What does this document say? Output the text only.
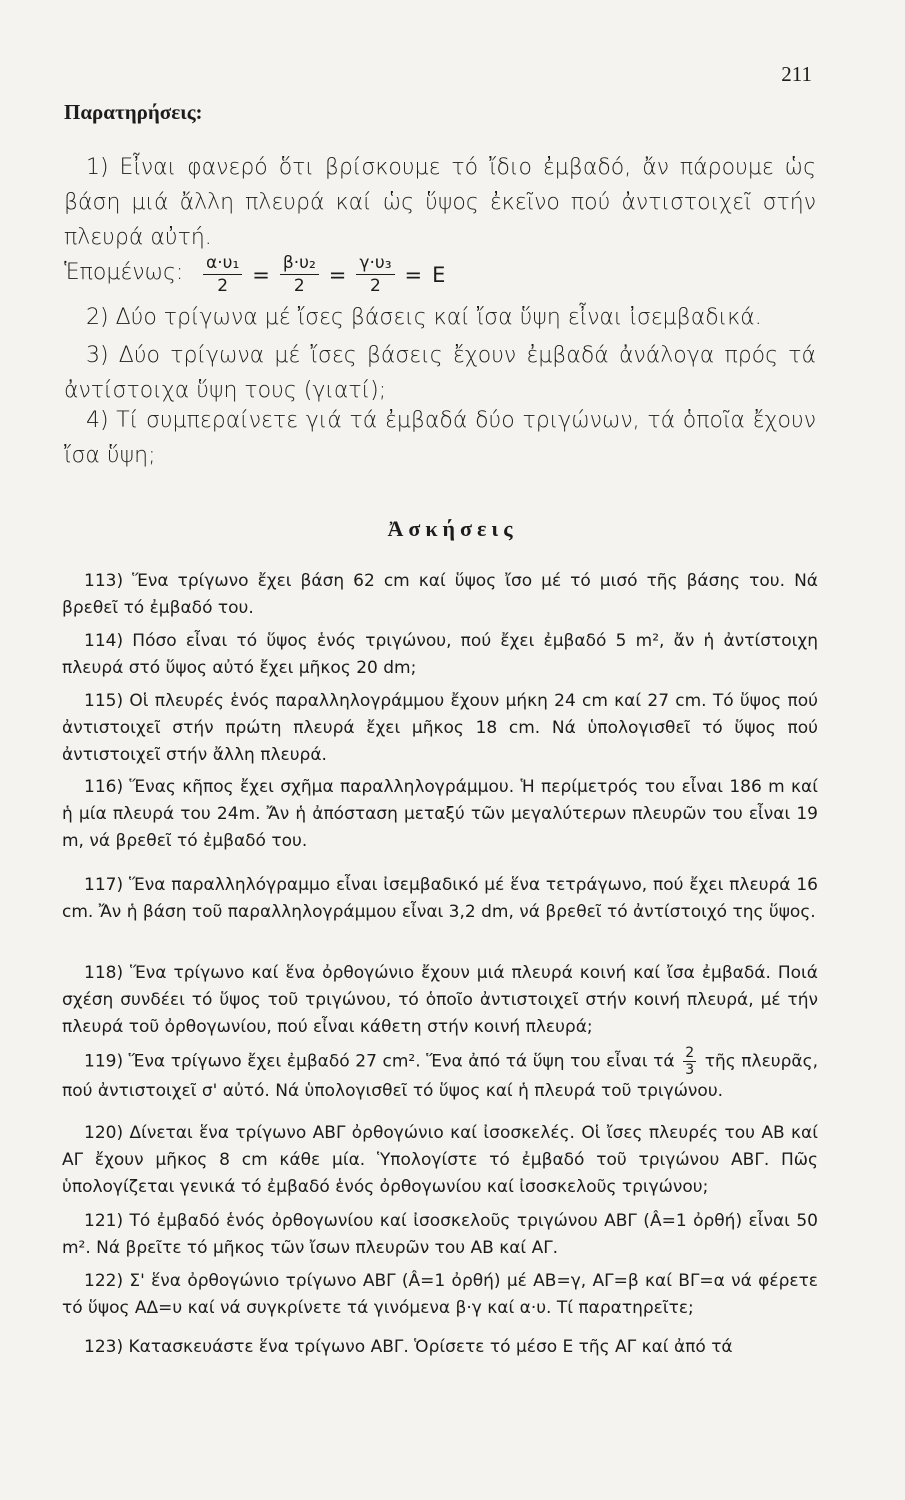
211
Παρατηρήσεις:
1) Εἶναι φανερό ὅτι βρίσκουμε τό ἴδιο ἐμβαδό, ἄν πάρουμε ὡς βάση μιά ἄλλη πλευρά καί ὡς ὕψος ἐκεῖνο πού ἀντιστοιχεῖ στήν πλευρά αὐτή.
Ἑπομένως:	$\frac{\text{α·υ₁}}{2} = \frac{\text{β·υ₂}}{2} = \frac{\text{γ·υ₃}}{2} = E$
2) Δύο τρίγωνα μέ ἴσες βάσεις καί ἴσα ὕψη εἶναι ἰσεμβαδικά.
3) Δύο τρίγωνα μέ ἴσες βάσεις ἔχουν ἐμβαδά ἀνάλογα πρός τά ἀντίστοιχα ὕψη τους (γιατί);
4) Τί συμπεραίνετε γιά τά ἐμβαδά δύο τριγώνων, τά ὁποῖα ἔχουν ἴσα ὕψη;
Ἀσκήσεις
113) Ἕνα τρίγωνο ἔχει βάση 62 cm καί ὕψος ἴσο μέ τό μισό τῆς βάσης του. Νά βρεθεῖ τό ἐμβαδό του.
114) Πόσο εἶναι τό ὕψος ἑνός τριγώνου, πού ἔχει ἐμβαδό 5 m², ἄν ἡ ἀντίστοιχη πλευρά στό ὕψος αὐτό ἔχει μῆκος 20 dm;
115) Οἱ πλευρές ἑνός παραλληλογράμμου ἔχουν μήκη 24 cm καί 27 cm. Τό ὕψος πού ἀντιστοιχεῖ στήν πρώτη πλευρά ἔχει μῆκος 18 cm. Νά ὑπολογισθεῖ τό ὕψος πού ἀντιστοιχεῖ στήν ἄλλη πλευρά.
116) Ἕνας κῆπος ἔχει σχῆμα παραλληλογράμμου. Ἡ περίμετρός του εἶναι 186 m καί ἡ μία πλευρά του 24m. Ἄν ἡ ἀπόσταση μεταξύ τῶν μεγαλύτερων πλευρῶν του εἶναι 19 m, νά βρεθεῖ τό ἐμβαδό του.
117) Ἕνα παραλληλόγραμμο εἶναι ἰσεμβαδικό μέ ἕνα τετράγωνο, πού ἔχει πλευρά 16 cm. Ἄν ἡ βάση τοῦ παραλληλογράμμου εἶναι 3,2 dm, νά βρεθεῖ τό ἀντίστοιχό της ὕψος.
118) Ἕνα τρίγωνο καί ἕνα ὀρθογώνιο ἔχουν μιά πλευρά κοινή καί ἴσα ἐμβαδά. Ποιά σχέση συνδέει τό ὕψος τοῦ τριγώνου, τό ὁποῖο ἀντιστοιχεῖ στήν κοινή πλευρά, μέ τήν πλευρά τοῦ ὀρθογωνίου, πού εἶναι κάθετη στήν κοινή πλευρά;
119) Ἕνα τρίγωνο ἔχει ἐμβαδό 27 cm². Ἕνα ἀπό τά ὕψη του εἶναι τά $\frac{2}{3}$ τῆς πλευρᾶς, πού ἀντιστοιχεῖ σ' αὐτό. Νά ὑπολογισθεῖ τό ὕψος καί ἡ πλευρά τοῦ τριγώνου.
120) Δίνεται ἕνα τρίγωνο ΑΒΓ ὀρθογώνιο καί ἰσοσκελές. Οἱ ἴσες πλευρές του ΑΒ καί ΑΓ ἔχουν μῆκος 8 cm κάθε μία. Ὑπολογίστε τό ἐμβαδό τοῦ τριγώνου ΑΒΓ. Πῶς ὑπολογίζεται γενικά τό ἐμβαδό ἑνός ὀρθογωνίου καί ἰσοσκελοῦς τριγώνου;
121) Τό ἐμβαδό ἑνός ὀρθογωνίου καί ἰσοσκελοῦς τριγώνου ΑΒΓ (Â=1 ὀρθή) εἶναι 50 m². Νά βρεῖτε τό μῆκος τῶν ἴσων πλευρῶν του ΑΒ καί ΑΓ.
122) Σ' ἕνα ὀρθογώνιο τρίγωνο ΑΒΓ (Â=1 ὀρθή) μέ ΑΒ=γ, ΑΓ=β καί ΒΓ=α νά φέρετε τό ὕψος ΑΔ=υ καί νά συγκρίνετε τά γινόμενα β·γ καί α·υ. Τί παρατηρεῖτε;
123) Κατασκευάστε ἕνα τρίγωνο ΑΒΓ. Ὁρίσετε τό μέσο Ε τῆς ΑΓ καί ἀπό τά
